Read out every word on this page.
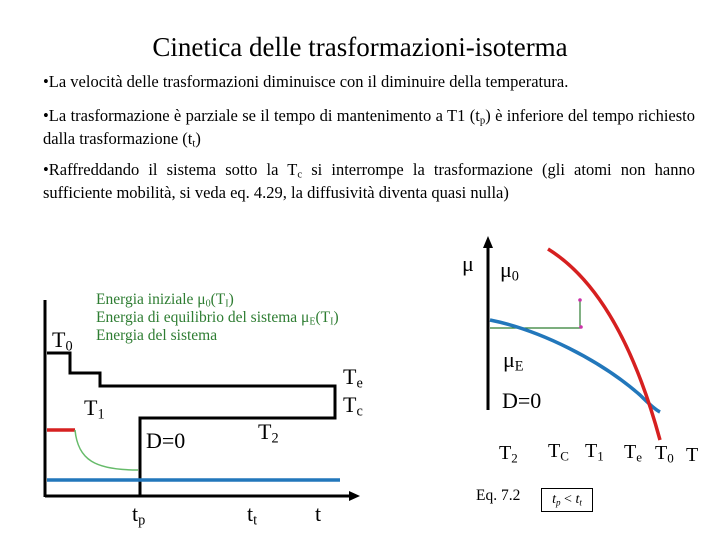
Cinetica delle trasformazioni-isoterma
•La velocità delle trasformazioni diminuisce con il diminuire della temperatura.
•La trasformazione è parziale se il tempo di mantenimento a T1 $(t_p)$ è inferiore del tempo richiesto dalla trasformazione $(t_t)$
•Raffreddando il sistema sotto la $T_c$ si interrompe la trasformazione (gli atomi non hanno sufficiente mobilità, si veda eq. 4.29, la diffusività diventa quasi nulla)
Energia iniziale $\mu_0(T_I)$
Energia di equilibrio del sistema $\mu_E(T_I)$
Energia del sistema
$T_0$
$T_1$
$T_2$
$T_e$
$T_c$
D=0
$t_p$	$t_t$	t
μ $\mu_0$
$\mu_E$
D=0
$T_2$ $T_C$ $T_1$ $T_e$ $T_0$ T
Eq. 7.2	$t_p < t_t$
